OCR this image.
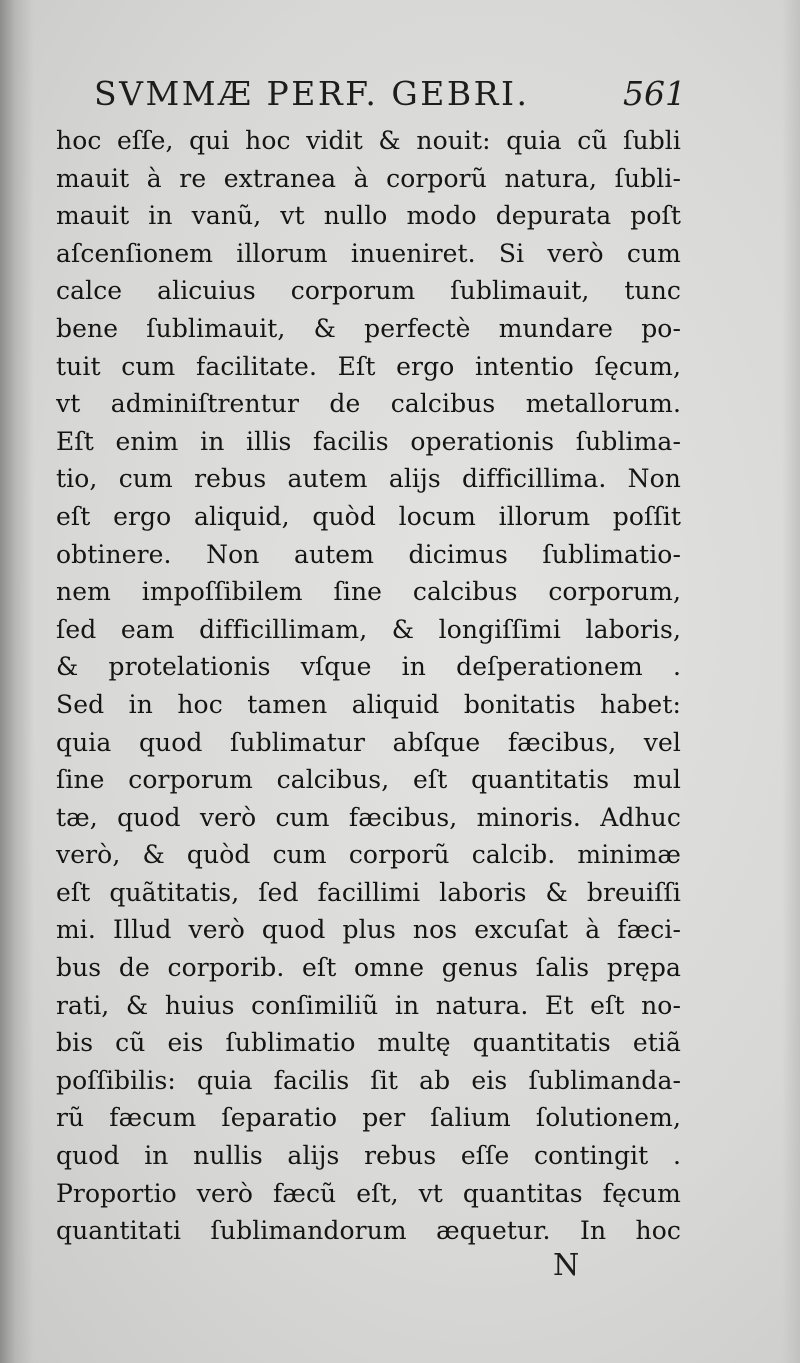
SVMMÆ PERF. GEBRI.	561
hoc eſſe, qui hoc vidit & nouit: quia cũ ſubli
mauit à re extranea à corporũ natura, ſubli-
mauit in vanũ, vt nullo modo depurata poſt
aſcenſionem illorum inueniret. Si verò cum
calce alicuius corporum ſublimauit, tunc
bene ſublimauit, & perfectè mundare po-
tuit cum facilitate. Eſt ergo intentio ſęcum,
vt adminiſtrentur de calcibus metallorum.
Eſt enim in illis facilis operationis ſublima-
tio, cum rebus autem alijs difficillima. Non
eſt ergo aliquid, quòd locum illorum poſſit
obtinere. Non autem dicimus ſublimatio-
nem impoſſibilem ſine calcibus corporum,
ſed eam difficillimam, & longiſſimi laboris,
& protelationis vſque in deſperationem .
Sed in hoc tamen aliquid bonitatis habet:
quia quod ſublimatur abſque fæcibus, vel
ſine corporum calcibus, eſt quantitatis mul
tæ, quod verò cum fæcibus, minoris. Adhuc
verò, & quòd cum corporũ calcib. minimæ
eſt quãtitatis, ſed facillimi laboris & breuiſſi
mi. Illud verò quod plus nos excuſat à fæci-
bus de corporib. eſt omne genus ſalis prępa
rati, & huius conſimiliũ in natura. Et eſt no-
bis cũ eis ſublimatio multę quantitatis etiã
poſſibilis: quia facilis ſit ab eis ſublimanda-
rũ fæcum ſeparatio per ſalium ſolutionem,
quod in nullis alijs rebus eſſe contingit .
Proportio verò fæcũ eſt, vt quantitas fęcum
quantitati ſublimandorum æquetur. In hoc
N
